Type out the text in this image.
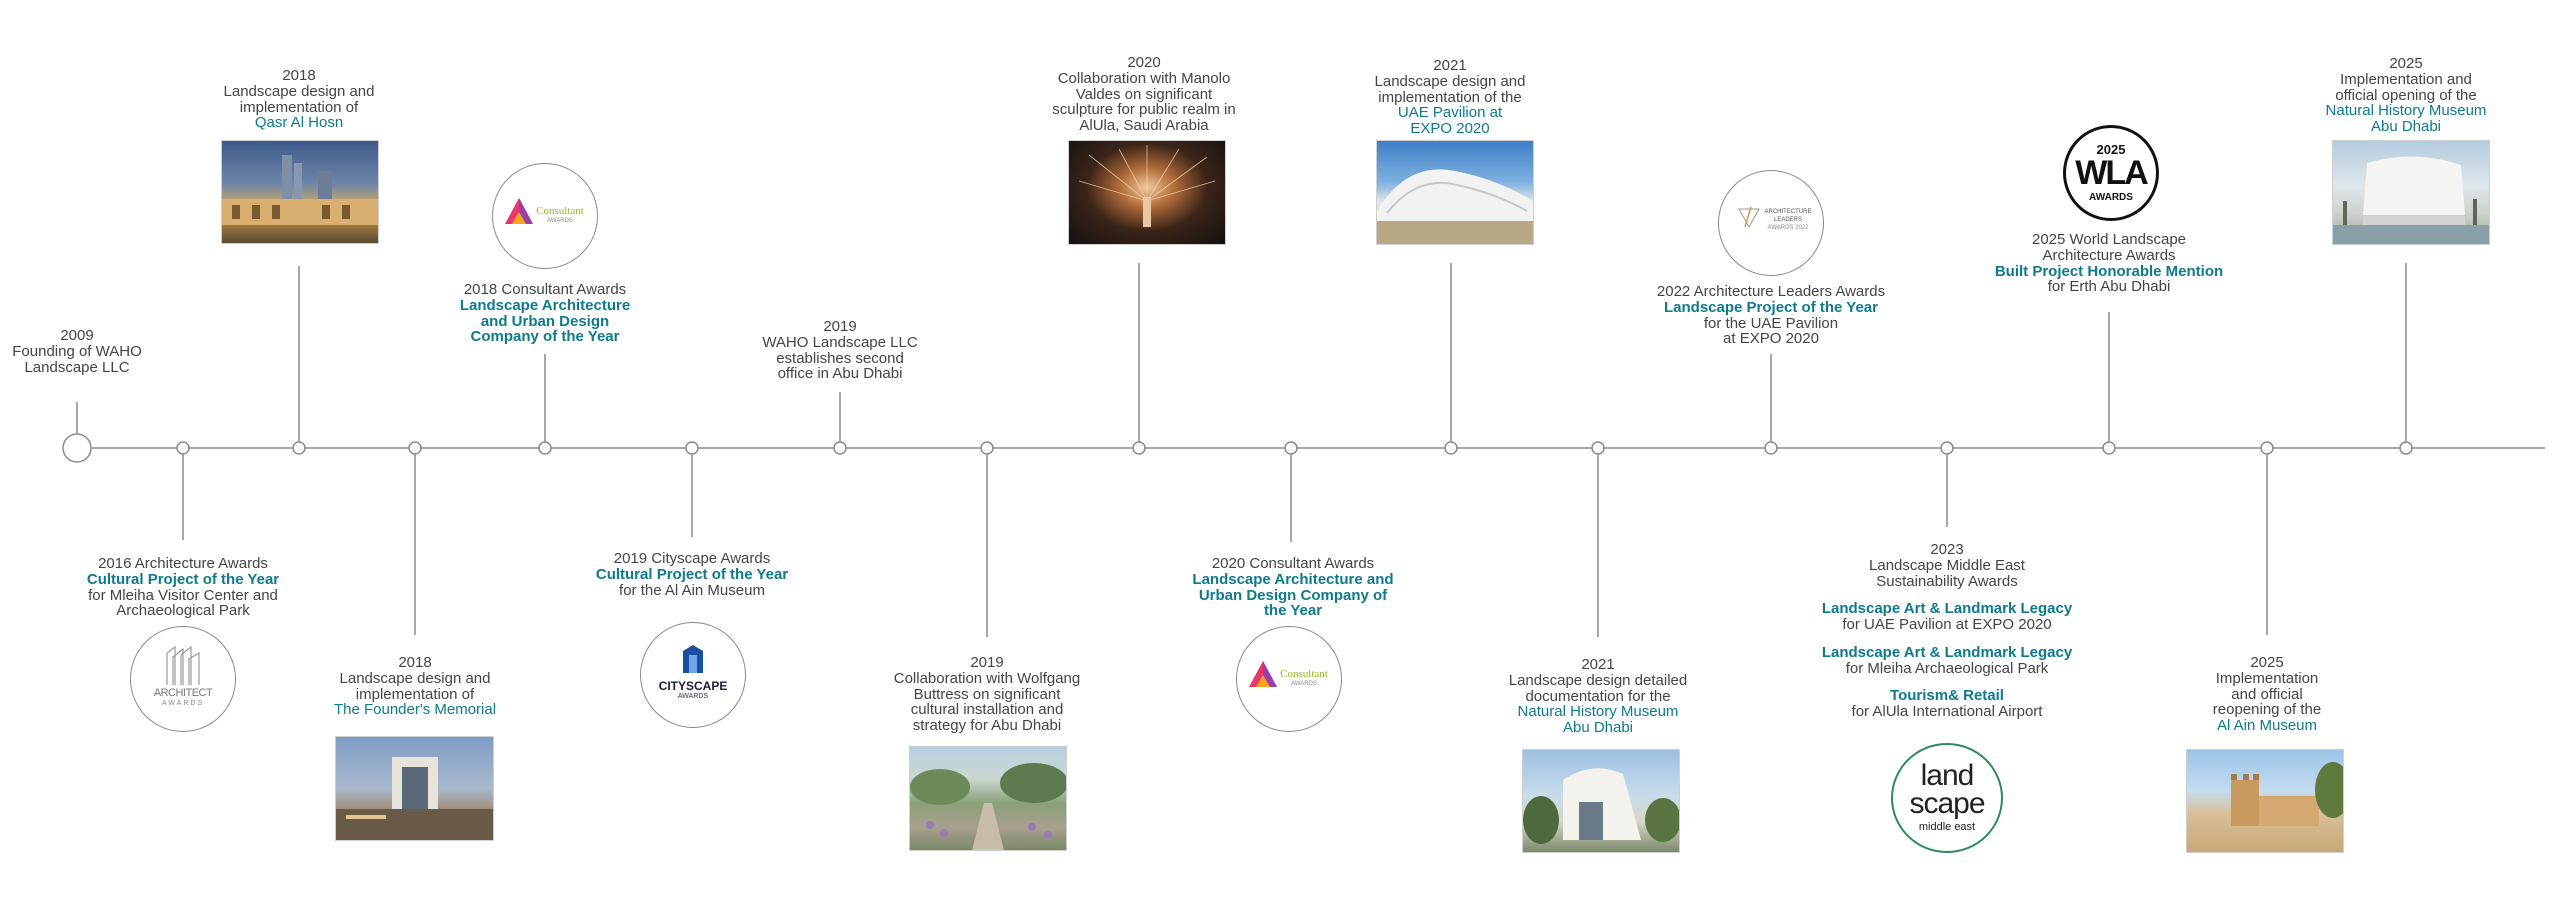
2009
Founding of WAHO
Landscape LLC
2016 Architecture Awards
Cultural Project of the Year
for Mleiha Visitor Center and
Archaeological Park
ARCHITECT
AWARDS
2018
Landscape design and
implementation of
Qasr Al Hosn
2018
Landscape design and
implementation of
The Founder's Memorial
Consultant
AWARDS
2018 Consultant Awards
Landscape Architecture
and Urban Design
Company of the Year
2019 Cityscape Awards
Cultural Project of the Year
for the Al Ain Museum
CITYSCAPE
AWARDS
2019
WAHO Landscape LLC
establishes second
office in Abu Dhabi
2019
Collaboration with Wolfgang
Buttress on significant
cultural installation and
strategy for Abu Dhabi
2020
Collaboration with Manolo
Valdes on significant
sculpture for public realm in
AlUla, Saudi Arabia
2020 Consultant Awards
Landscape Architecture and
Urban Design Company of
the Year
Consultant
AWARDS
2021
Landscape design and
implementation of the
UAE Pavilion at
EXPO 2020
2021
Landscape design detailed
documentation for the
Natural History Museum
Abu Dhabi
ARCHITECTURE
LEADERS
AWARDS 2022
2022 Architecture Leaders Awards
Landscape Project of the Year
for the UAE Pavilion
at EXPO 2020
2023
Landscape Middle East
Sustainability Awards
Landscape Art & Landmark Legacy
for UAE Pavilion at EXPO 2020
Landscape Art & Landmark Legacy
for Mleiha Archaeological Park
Tourism& Retail
for AlUla International Airport
land
scape
middle east
2025
WLA
AWARDS
2025 World Landscape
Architecture Awards
Built Project Honorable Mention
for Erth Abu Dhabi
2025
Implementation
and official
reopening of the
Al Ain Museum
2025
Implementation and
official opening of the
Natural History Museum
Abu Dhabi
